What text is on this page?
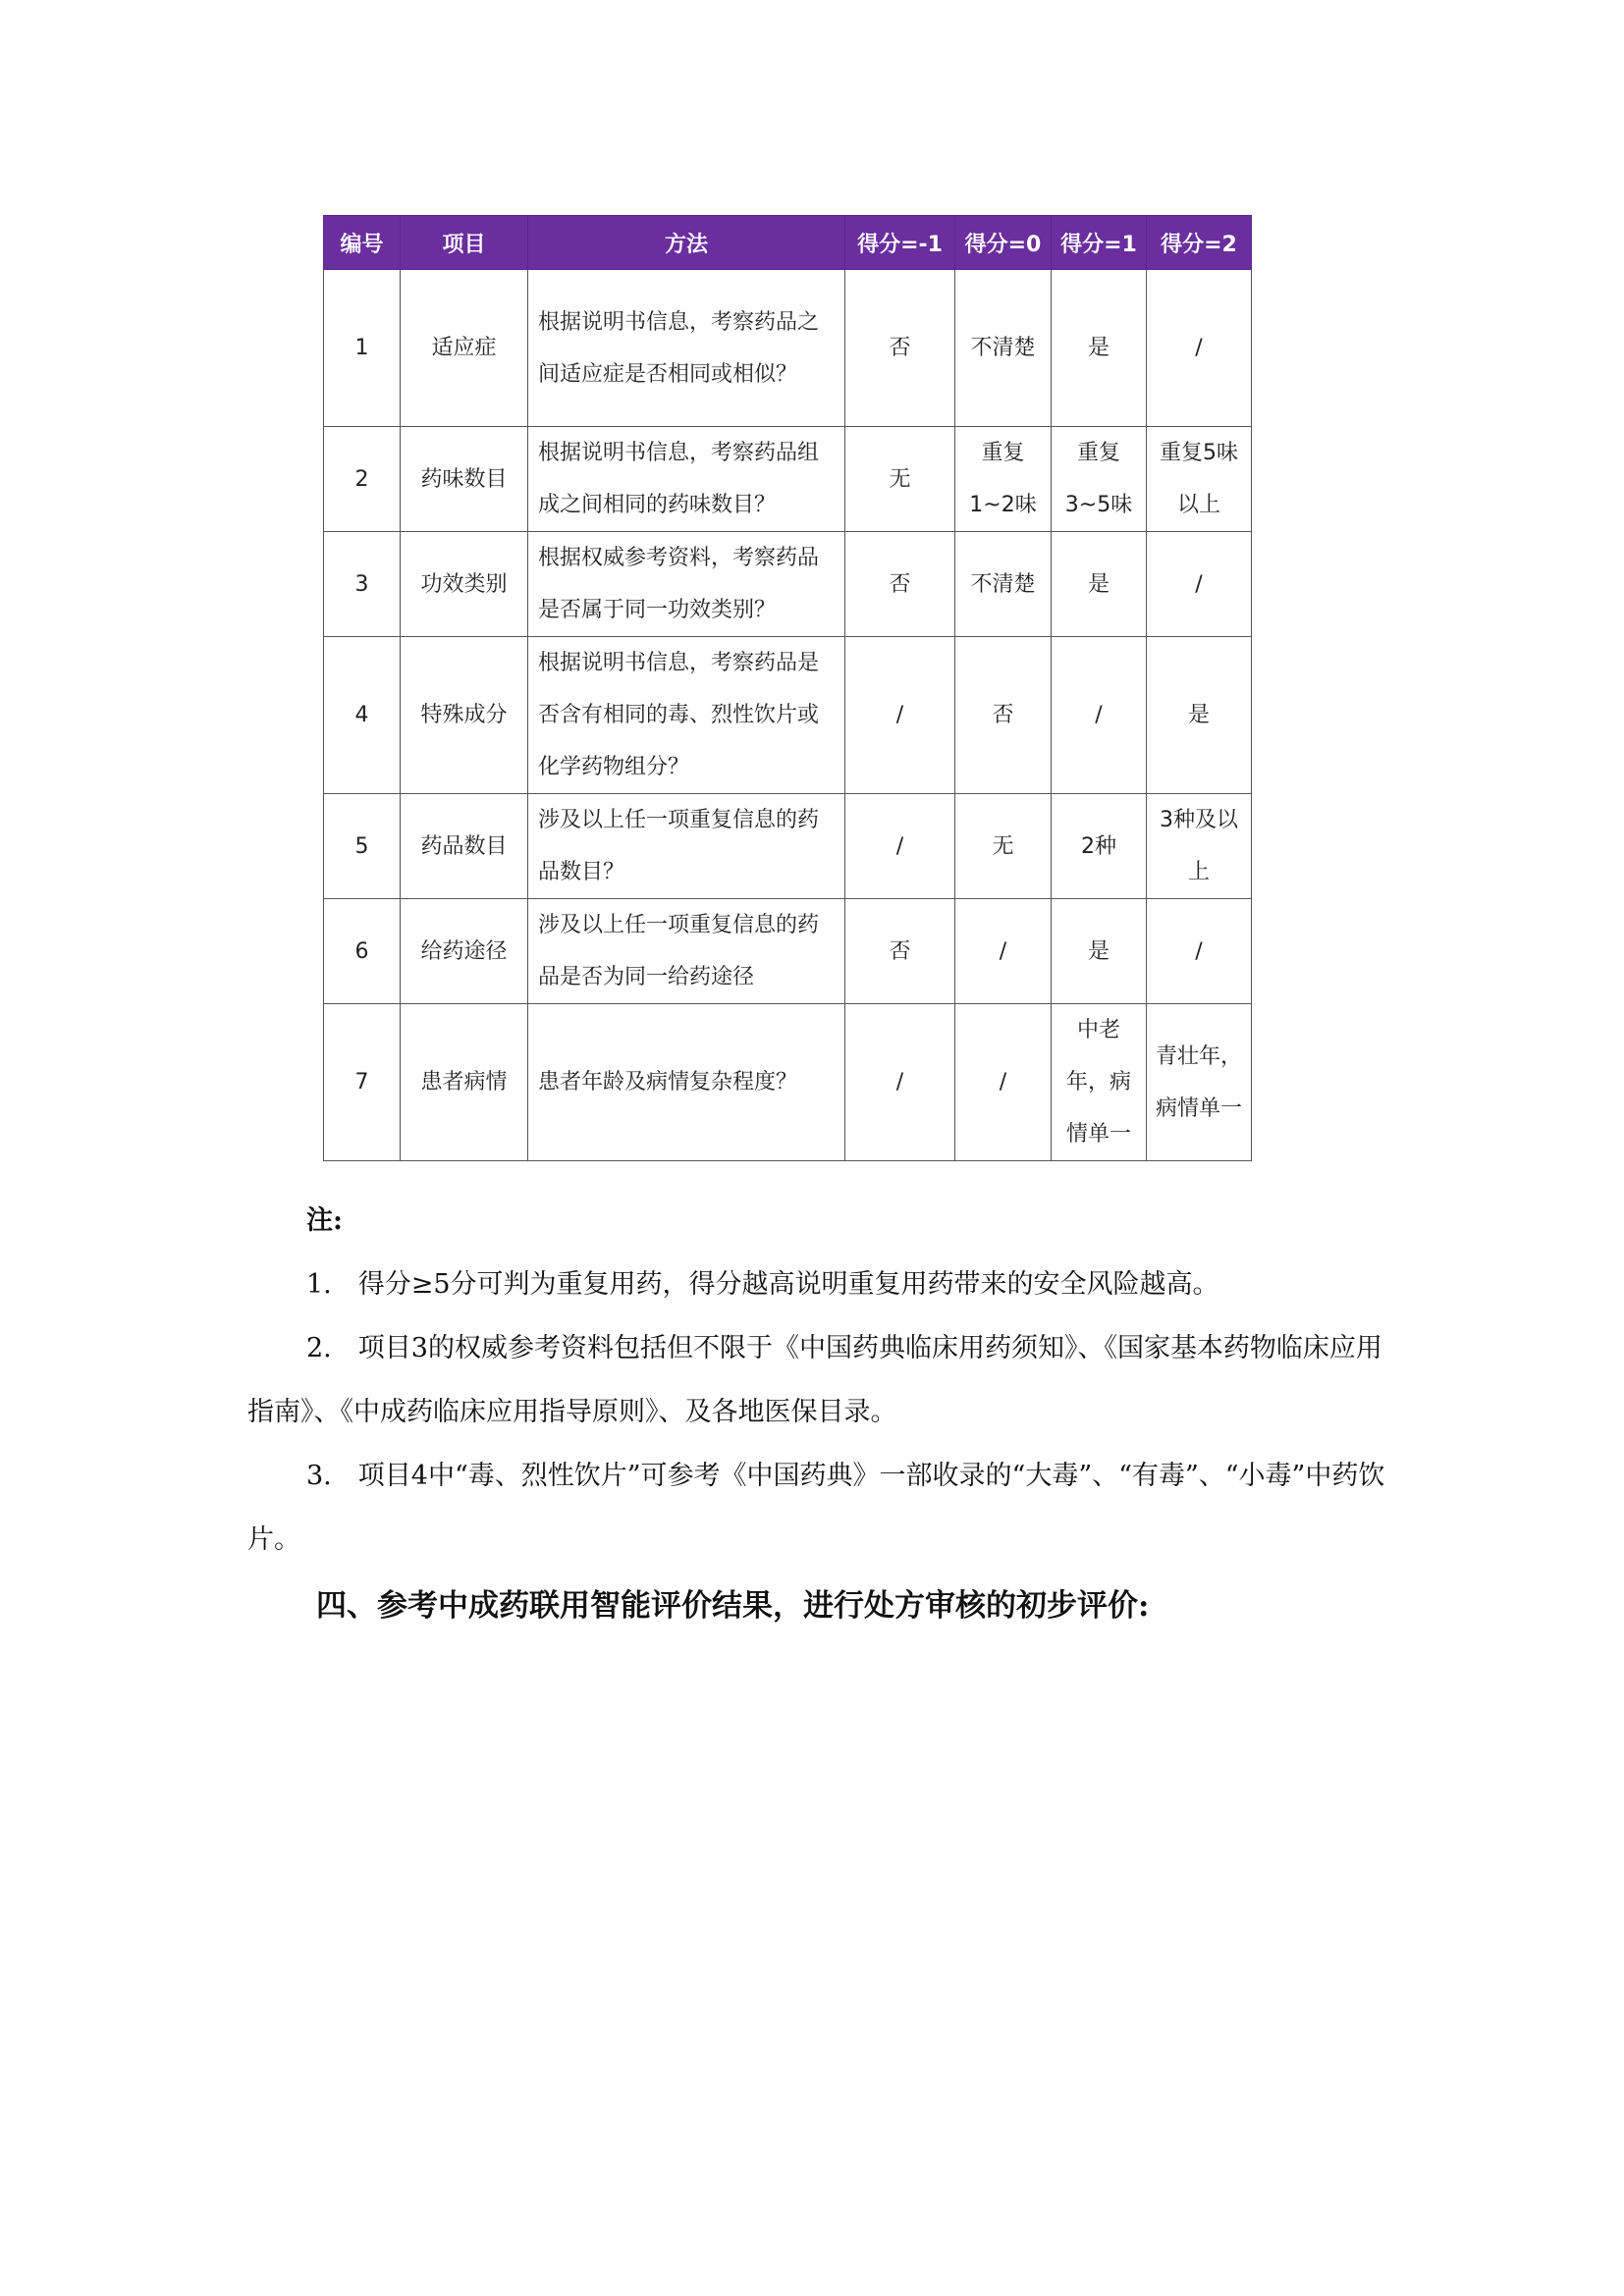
编号	项目	方法	得分=-1	得分=0	得分=1	得分=2
1	适应症	根据说明书信息，考察药品之间适应症是否相同或相似？	否	不清楚	是	/
2	药味数目	根据说明书信息，考察药品组成之间相同的药味数目？	无	重复1~2味	重复3~5味	重复5味以上
3	功效类别	根据权威参考资料，考察药品是否属于同一功效类别？	否	不清楚	是	/
4	特殊成分	根据说明书信息，考察药品是否含有相同的毒、烈性饮片或化学药物组分？	/	否	/	是
5	药品数目	涉及以上任一项重复信息的药品数目？	/	无	2种	3种及以上
6	给药途径	涉及以上任一项重复信息的药品是否为同一给药途径	否	/	是	/
7	患者病情	患者年龄及病情复杂程度？	/	/	中老年，病情单一	青壮年，病情单一
注:

1.　得分≥5分可判为重复用药，得分越高说明重复用药带来的安全风险越高。

2.　项目3的权威参考资料包括但不限于《中国药典临床用药须知》、《国家基本药物临床应用指南》、《中成药临床应用指导原则》、及各地医保目录。

3.　项目4中“毒、烈性饮片”可参考《中国药典》一部收录的“大毒”、“有毒”、“小毒”中药饮片。

四、参考中成药联用智能评价结果，进行处方审核的初步评价:
